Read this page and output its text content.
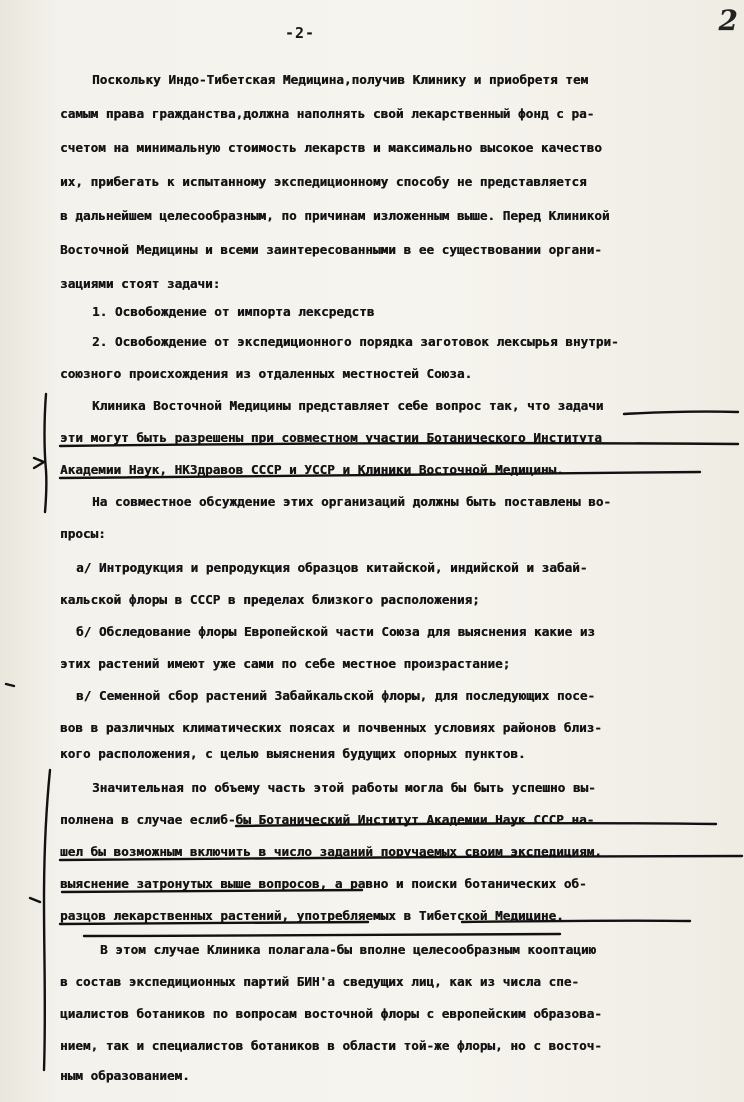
-2-	2
Поскольку Индо-Тибетская Медицина,получив Клинику и приобретя тем
самым права гражданства,должна наполнять свой лекарственный фонд с ра-
счетом на минимальную стоимость лекарств и максимально высокое качество
их, прибегать к испытанному экспедиционному способу не представляется
в дальнейшем целесообразным, по причинам изложенным выше. Перед Клиникой
Восточной Медицины и всеми заинтересованными в ее существовании органи-
зациями стоят задачи:
1. Освобождение от импорта лексредств
2. Освобождение от экспедиционного порядка заготовок лексырья внутри-
союзного происхождения из отдаленных местностей Союза.
Клиника Восточной Медицины представляет себе вопрос так, что задачи
эти могут быть разрешены при совместном участии Ботанического Института
Академии Наук, НКЗдравов СССР и УССР и Клиники Восточной Медицины.
На совместное обсуждение этих организаций должны быть поставлены во-
просы:
а/ Интродукция и репродукция образцов китайской, индийской и забай-
кальской флоры в СССР в пределах близкого расположения;
б/ Обследование флоры Европейской части Союза для выяснения какие из
этих растений имеют уже сами по себе местное произрастание;
в/ Семенной сбор растений Забайкальской флоры, для последующих посе-
вов в различных климатических поясах и почвенных условиях районов близ-
кого расположения, с целью выяснения будущих опорных пунктов.
Значительная по объему часть этой работы могла бы быть успешно вы-
полнена в случае еслиб-бы Ботанический Институт Академии Наук СССР на-
шел бы возможным включить в число заданий поручаемых своим экспедициям,
выяснение затронутых выше вопросов, а равно и поиски ботанических об-
разцов лекарственных растений, употребляемых в Тибетской Медицине.
В этом случае Клиника полагала-бы вполне целесообразным кооптацию
в состав экспедиционных партий БИН'а сведущих лиц, как из числа спе-
циалистов ботаников по вопросам восточной флоры с европейским образова-
нием, так и специалистов ботаников в области той-же флоры, но с восточ-
ным образованием.
